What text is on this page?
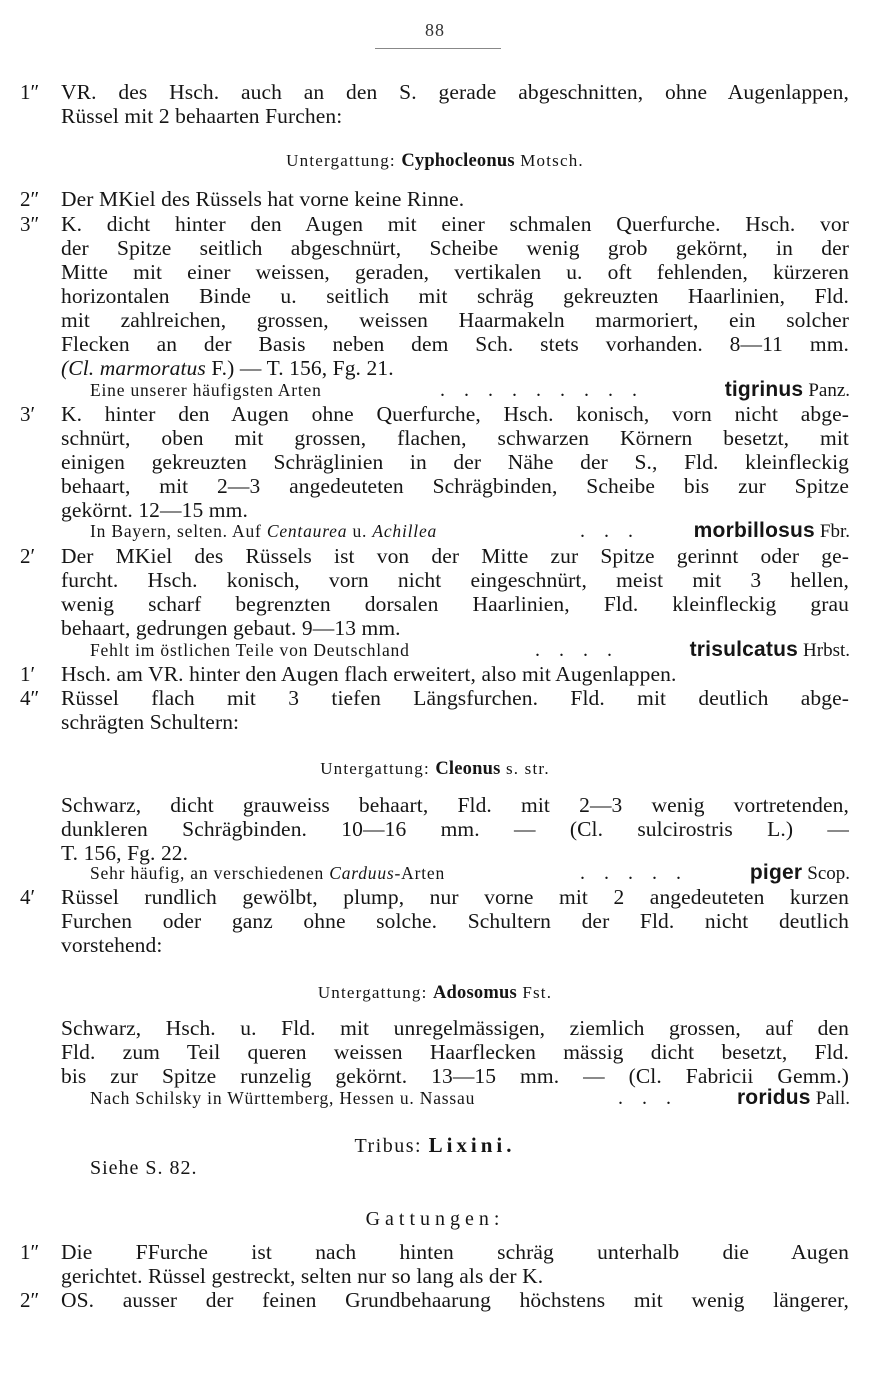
88
1″	VR. des Hsch. auch an den S. gerade abgeschnitten, ohne Augenlappen,
Rüssel mit 2 behaarten Furchen:
Untergattung: Cyphocleonus Motsch.
2″	Der MKiel des Rüssels hat vorne keine Rinne.
3″	K. dicht hinter den Augen mit einer schmalen Querfurche. Hsch. vor
der Spitze seitlich abgeschnürt, Scheibe wenig grob gekörnt, in der
Mitte mit einer weissen, geraden, vertikalen u. oft fehlenden, kürzeren
horizontalen Binde u. seitlich mit schräg gekreuzten Haarlinien, Fld.
mit zahlreichen, grossen, weissen Haarmakeln marmoriert, ein solcher
Flecken an der Basis neben dem Sch. stets vorhanden. 8—11 mm.
(Cl. marmoratus F.) — T. 156, Fg. 21.
Eine unserer häufigsten Arten	. . . . . . . . .	tigrinus Panz.
3′	K. hinter den Augen ohne Querfurche, Hsch. konisch, vorn nicht abge-
schnürt, oben mit grossen, flachen, schwarzen Körnern besetzt, mit
einigen gekreuzten Schräglinien in der Nähe der S., Fld. kleinfleckig
behaart, mit 2—3 angedeuteten Schrägbinden, Scheibe bis zur Spitze
gekörnt. 12—15 mm.
In Bayern, selten. Auf Centaurea u. Achillea	. . .	morbillosus Fbr.
2′	Der MKiel des Rüssels ist von der Mitte zur Spitze gerinnt oder ge-
furcht. Hsch. konisch, vorn nicht eingeschnürt, meist mit 3 hellen,
wenig scharf begrenzten dorsalen Haarlinien, Fld. kleinfleckig grau
behaart, gedrungen gebaut. 9—13 mm.
Fehlt im östlichen Teile von Deutschland	. . . .	trisulcatus Hrbst.
1′	Hsch. am VR. hinter den Augen flach erweitert, also mit Augenlappen.
4″	Rüssel flach mit 3 tiefen Längsfurchen. Fld. mit deutlich abge-
schrägten Schultern:
Untergattung: Cleonus s. str.
Schwarz, dicht grauweiss behaart, Fld. mit 2—3 wenig vortretenden,
dunkleren Schrägbinden. 10—16 mm. — (Cl. sulcirostris L.) —
T. 156, Fg. 22.
Sehr häufig, an verschiedenen Carduus-Arten	. . . . .	piger Scop.
4′	Rüssel rundlich gewölbt, plump, nur vorne mit 2 angedeuteten kurzen
Furchen oder ganz ohne solche. Schultern der Fld. nicht deutlich
vorstehend:
Untergattung: Adosomus Fst.
Schwarz, Hsch. u. Fld. mit unregelmässigen, ziemlich grossen, auf den
Fld. zum Teil queren weissen Haarflecken mässig dicht besetzt, Fld.
bis zur Spitze runzelig gekörnt. 13—15 mm. — (Cl. Fabricii Gemm.)
Nach Schilsky in Württemberg, Hessen u. Nassau	. . .	roridus Pall.
Tribus: Lixini.
Siehe S. 82.
Gattungen:
1″	Die FFurche ist nach hinten schräg unterhalb die Augen
gerichtet. Rüssel gestreckt, selten nur so lang als der K.
2″	OS. ausser der feinen Grundbehaarung höchstens mit wenig längerer,
